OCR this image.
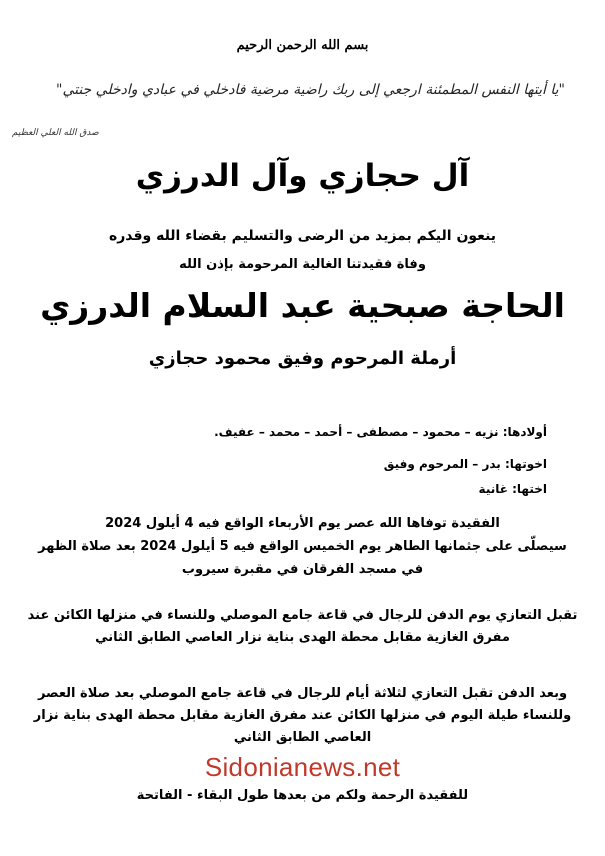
بسم الله الرحمن الرحيم
"يا أيتها النفس المطمئنة ارجعي إلى ربك راضية مرضية فادخلي في عبادي وادخلي جنتي"
صدق الله العلي العظيم
آل حجازي وآل الدرزي
ينعون اليكم بمزيد من الرضى والتسليم بقضاء الله وقدره
وفاة فقيدتنا الغالية المرحومة بإذن الله
الحاجة صبحية عبد السلام الدرزي
أرملة المرحوم وفيق محمود حجازي
أولادها: نزيه – محمود – مصطفى – أحمد – محمد – عفيف.
اخوتها: بدر – المرحوم وفيق
اختها: غانية
الفقيدة توفاها الله عصر يوم الأربعاء الواقع فيه 4 أيلول 2024
سيصلّى على جثمانها الطاهر يوم الخميس الواقع فيه 5 أيلول 2024 بعد صلاة الظهر
في مسجد الفرقان في مقبرة سيروب
تقبل التعازي يوم الدفن للرجال في قاعة جامع الموصلي وللنساء في منزلها الكائن عند مفرق الغازية مقابل محطة الهدى بناية نزار العاصي الطابق الثاني
وبعد الدفن تقبل التعازي لثلاثة أيام للرجال في قاعة جامع الموصلي بعد صلاة العصر وللنساء طيلة اليوم في منزلها الكائن عند مفرق الغازية مقابل محطة الهدى بناية نزار العاصي الطابق الثاني
Sidonianews.net
للفقيدة الرحمة ولكم من بعدها طول البقاء - الفاتحة
